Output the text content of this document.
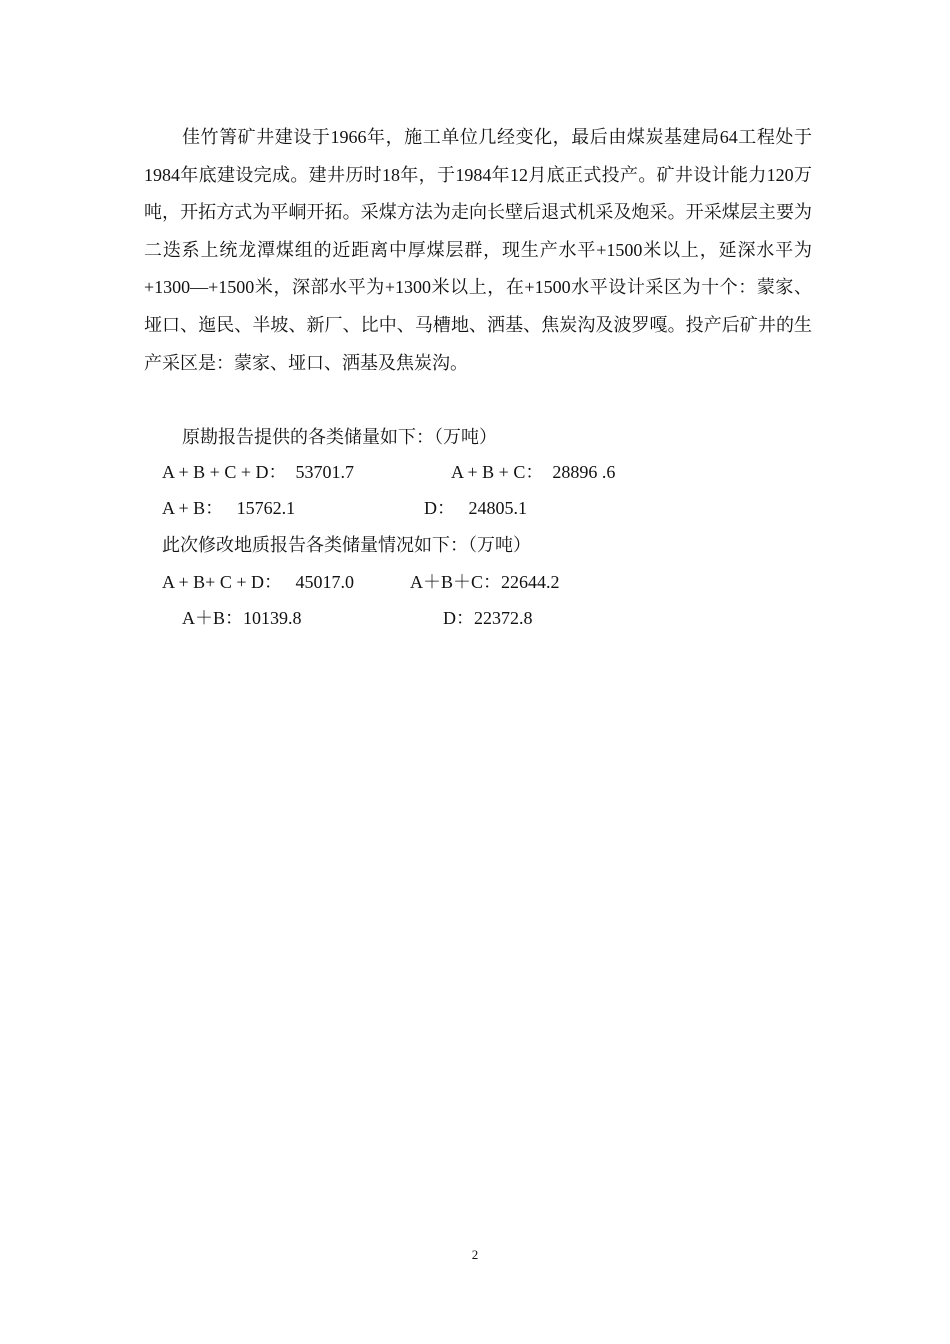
佳竹箐矿井建设于1966年，施工单位几经变化，最后由煤炭基建局64工程处于1984年底建设完成。建井历时18年，于1984年12月底正式投产。矿井设计能力120万吨，开拓方式为平峒开拓。采煤方法为走向长壁后退式机采及炮采。开采煤层主要为二迭系上统龙潭煤组的近距离中厚煤层群，现生产水平+1500米以上，延深水平为+1300—+1500米，深部水平为+1300米以上，在+1500水平设计采区为十个：蒙家、垭口、迤民、半坡、新厂、比中、马槽地、洒基、焦炭沟及波罗嘎。投产后矿井的生产采区是：蒙家、垭口、洒基及焦炭沟。

原勘报告提供的各类储量如下：（万吨）

A + B + C + D：  53701.7	A + B + C：  28896 .6

A + B：   15762.1	D：   24805.1

此次修改地质报告各类储量情况如下：（万吨）

A + B+ C + D：   45017.0	A＋B＋C：22644.2

A＋B：10139.8	D：22372.8

2
